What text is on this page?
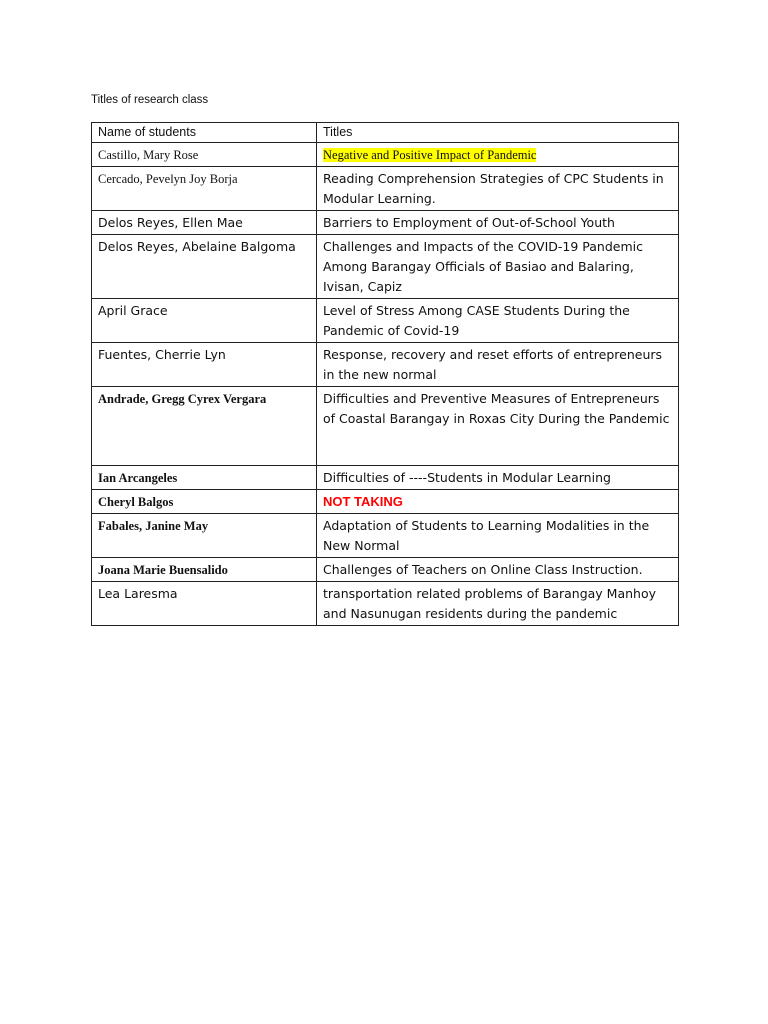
Titles of research class
Name of students	Titles
Castillo, Mary Rose	Negative and Positive Impact of Pandemic
Cercado, Pevelyn Joy Borja	Reading Comprehension Strategies of CPC Students in Modular Learning.
Delos Reyes, Ellen Mae	Barriers to Employment of Out-of-School Youth
Delos Reyes, Abelaine Balgoma	Challenges and Impacts of the COVID-19 Pandemic Among Barangay Officials of Basiao and Balaring, Ivisan, Capiz
April Grace	Level of Stress Among CASE Students During the Pandemic of Covid-19
Fuentes, Cherrie Lyn	Response, recovery and reset efforts of entrepreneurs in the new normal
Andrade, Gregg Cyrex Vergara	Difficulties and Preventive Measures of Entrepreneurs of Coastal Barangay in Roxas City During the Pandemic
Ian Arcangeles	Difficulties of ----Students in Modular Learning
Cheryl Balgos	NOT TAKING
Fabales, Janine May	Adaptation of Students to Learning Modalities in the New Normal
Joana Marie Buensalido	Challenges of Teachers on Online Class Instruction.
Lea Laresma	transportation related problems of Barangay Manhoy and Nasunugan residents during the pandemic
